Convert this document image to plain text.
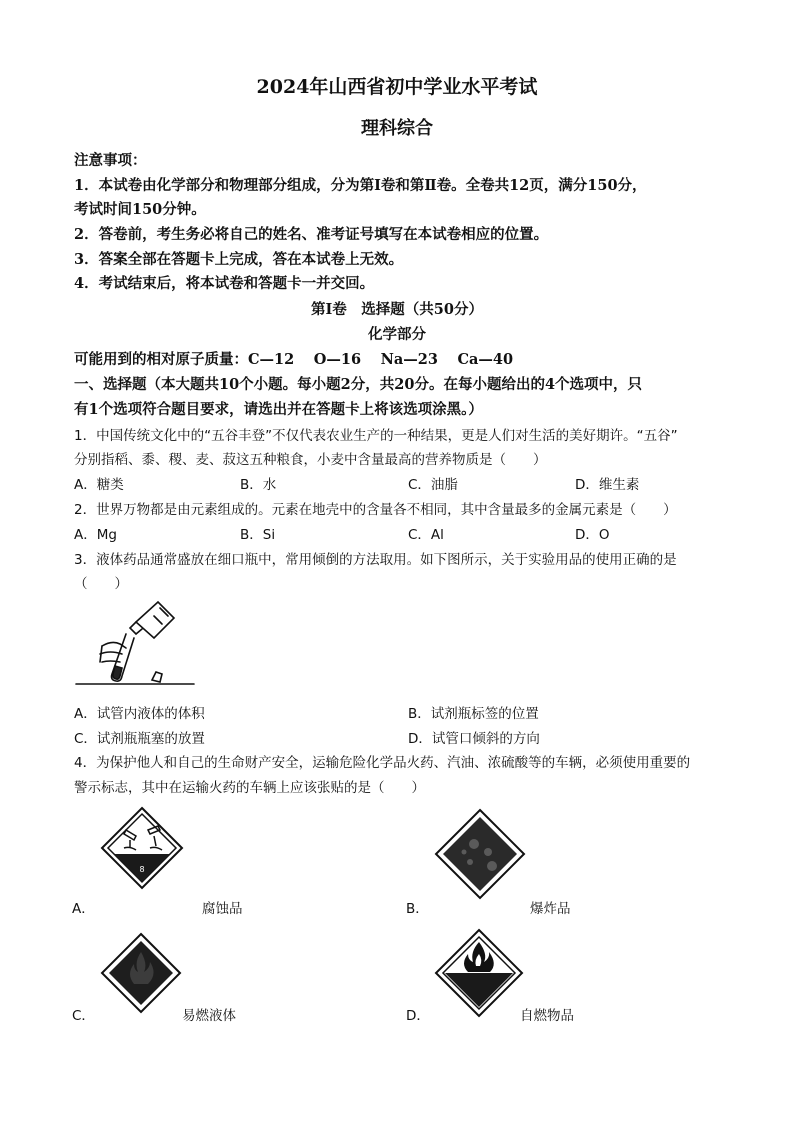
2024年山西省初中学业水平考试
理科综合
注意事项：
1．本试卷由化学部分和物理部分组成，分为第Ⅰ卷和第Ⅱ卷。全卷共12页，满分150分，
考试时间150分钟。
2．答卷前，考生务必将自己的姓名、准考证号填写在本试卷相应的位置。
3．答案全部在答题卡上完成，答在本试卷上无效。
4．考试结束后，将本试卷和答题卡一并交回。
第Ⅰ卷　选择题（共50分）
化学部分
可能用到的相对原子质量：C—12　 O—16　 Na—23　 Ca—40
一、选择题（本大题共10个小题。每小题2分，共20分。在每小题给出的4个选项中，只
有1个选项符合题目要求，请选出并在答题卡上将该选项涂黑。）
1．中国传统文化中的“五谷丰登”不仅代表农业生产的一种结果，更是人们对生活的美好期许。“五谷”
分别指稻、黍、稷、麦、菽这五种粮食，小麦中含量最高的营养物质是（　　）
A．糖类	B．水	C．油脂	D．维生素
2．世界万物都是由元素组成的。元素在地壳中的含量各不相同，其中含量最多的金属元素是（　　）
A．Mg	B．Si	C．Al	D．O
3．液体药品通常盛放在细口瓶中，常用倾倒的方法取用。如下图所示，关于实验用品的使用正确的是
（　　）
A．试管内液体的体积	B．试剂瓶标签的位置
C．试剂瓶瓶塞的放置	D．试管口倾斜的方向
4．为保护他人和自己的生命财产安全，运输危险化学品火药、汽油、浓硫酸等的车辆，必须使用重要的
警示标志，其中在运输火药的车辆上应该张贴的是（　　）
8
A．	腐蚀品	B．	爆炸品
C．	易燃液体	D．	自燃物品
